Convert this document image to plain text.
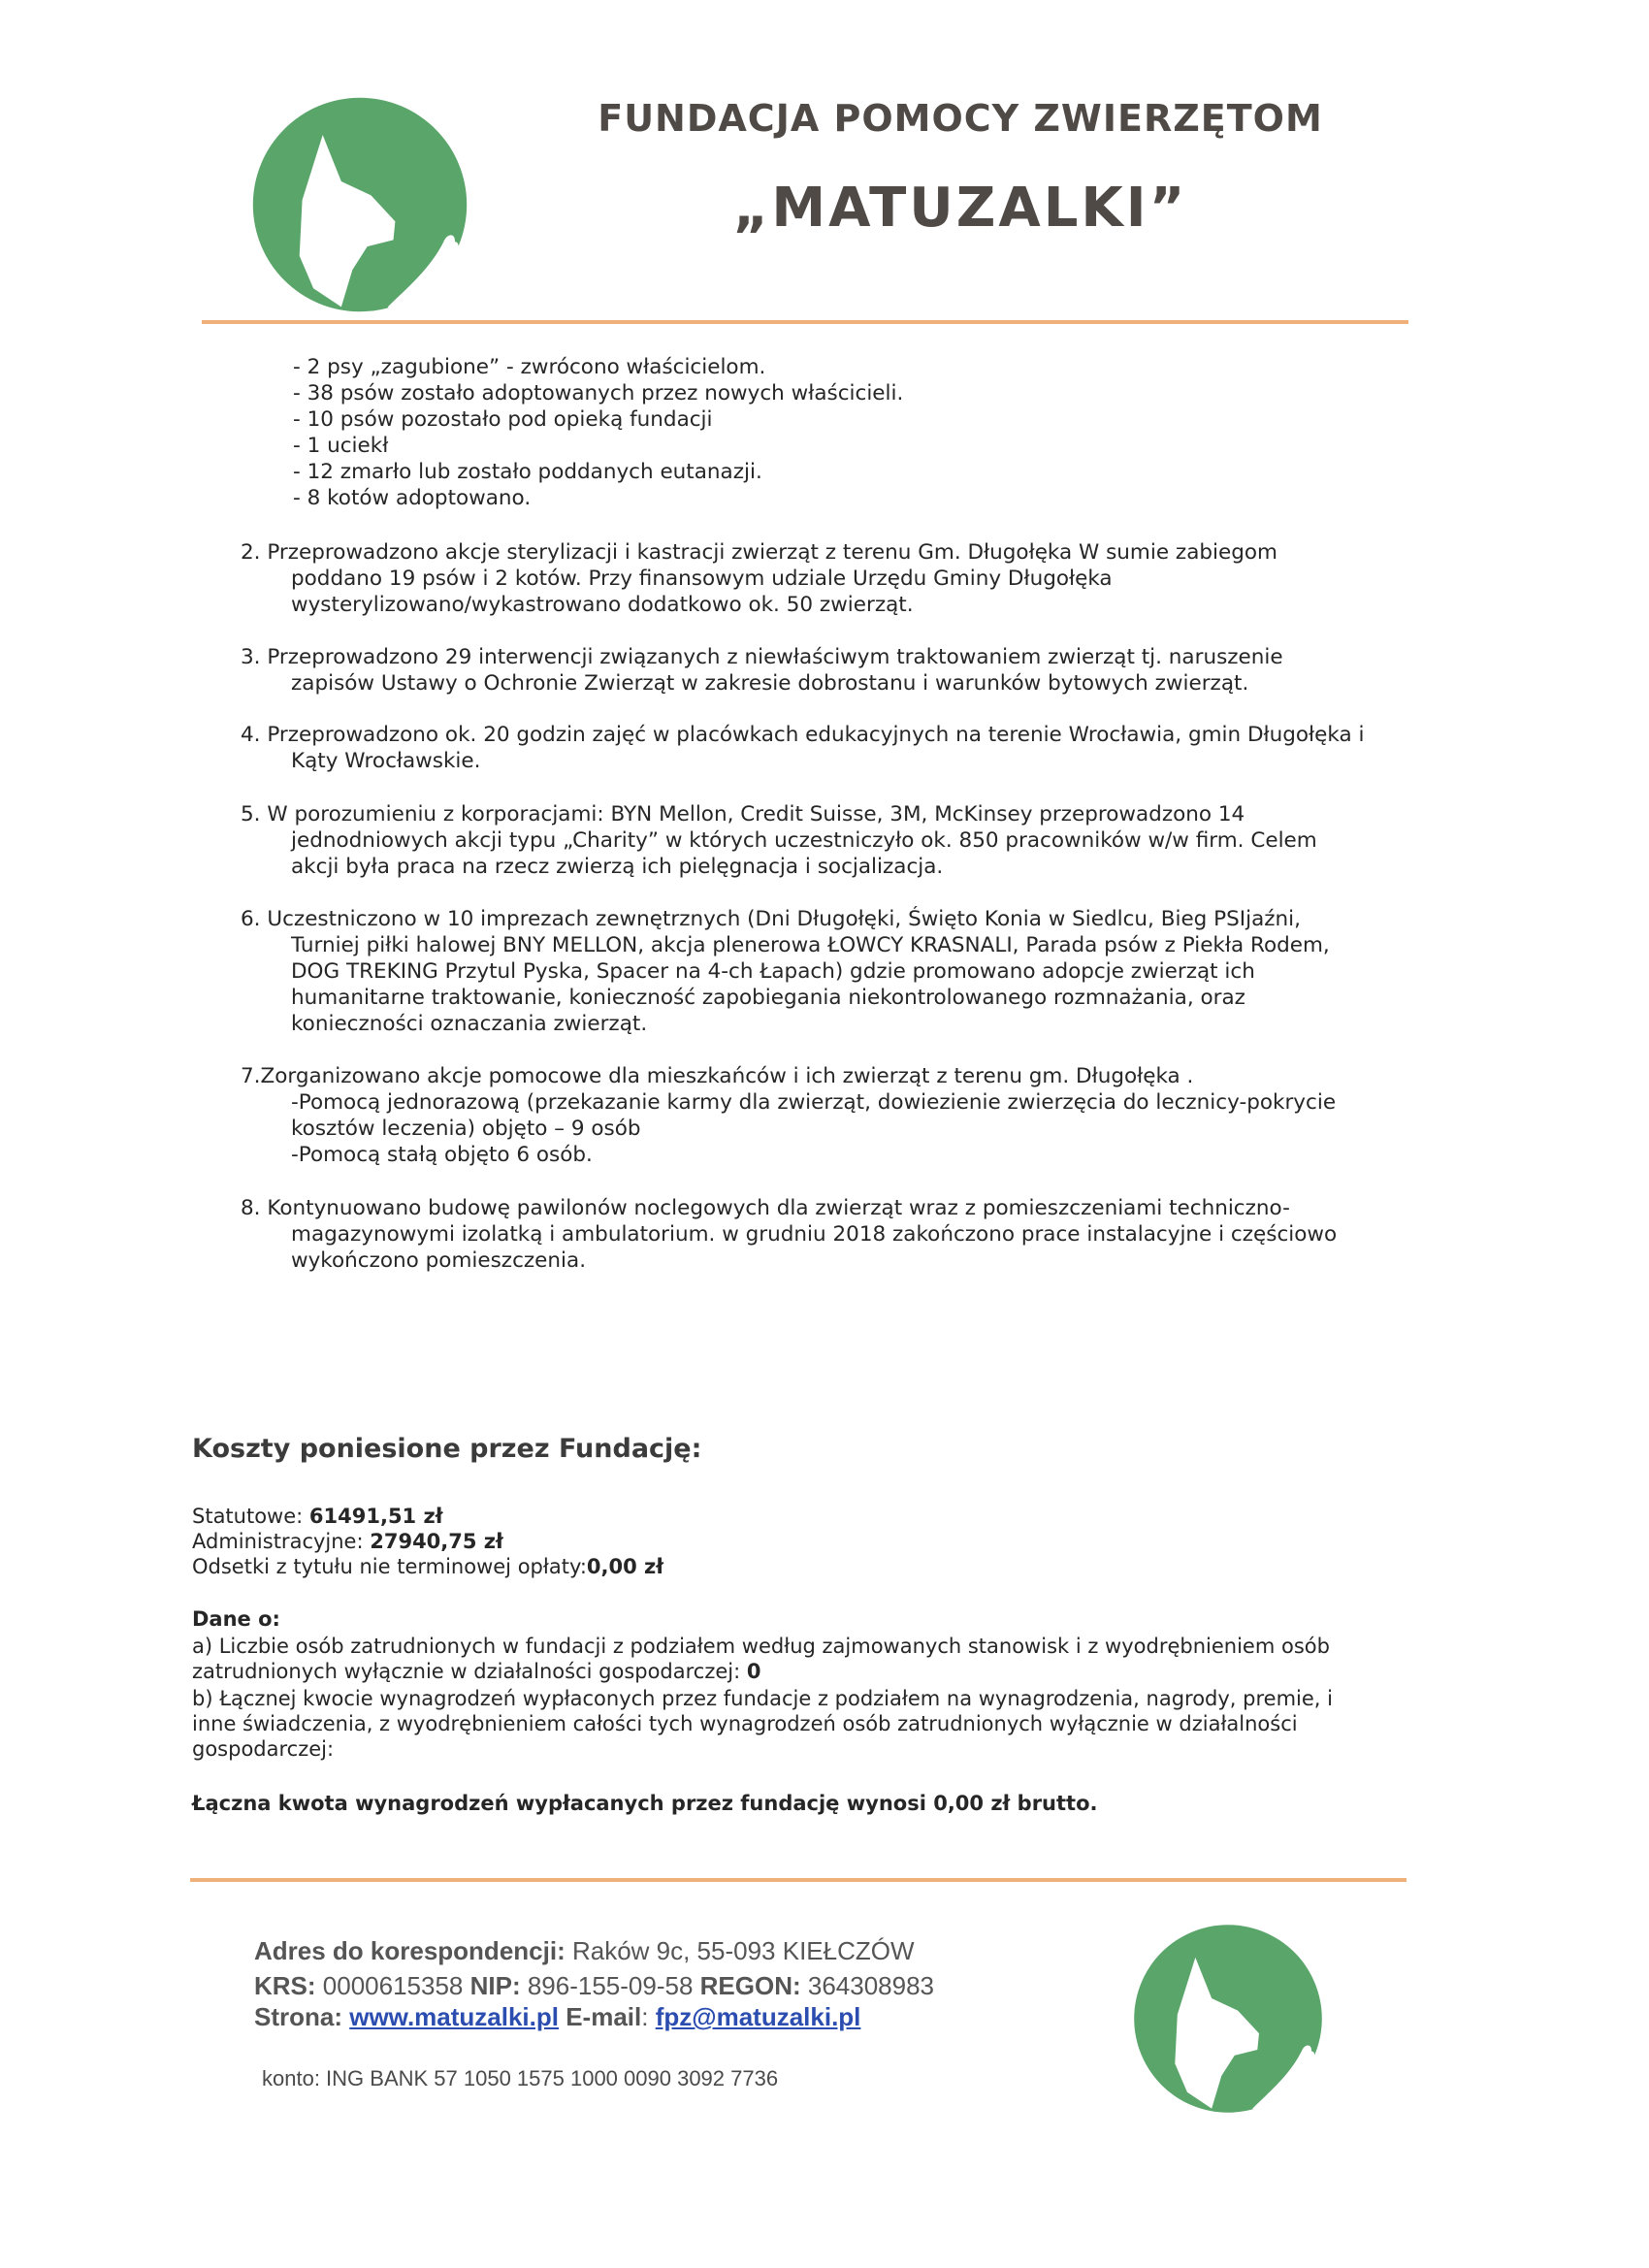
FUNDACJA POMOCY ZWIERZĘTOM
„MATUZALKI”
- 2 psy „zagubione” - zwrócono właścicielom.
- 38 psów zostało adoptowanych przez nowych właścicieli.
- 10 psów pozostało pod opieką fundacji
- 1 uciekł
- 12 zmarło lub zostało poddanych eutanazji.
- 8 kotów adoptowano.
2. Przeprowadzono akcje sterylizacji i kastracji zwierząt z terenu Gm. Długołęka W sumie zabiegom
poddano 19 psów i 2 kotów. Przy finansowym udziale Urzędu Gminy Długołęka
wysterylizowano/wykastrowano dodatkowo ok. 50 zwierząt.
3. Przeprowadzono 29 interwencji związanych z niewłaściwym traktowaniem zwierząt tj. naruszenie
zapisów Ustawy o Ochronie Zwierząt w zakresie dobrostanu i warunków bytowych zwierząt.
4. Przeprowadzono ok. 20 godzin zajęć w placówkach edukacyjnych na terenie Wrocławia, gmin Długołęka i
Kąty Wrocławskie.
5. W porozumieniu z korporacjami: BYN Mellon, Credit Suisse, 3M, McKinsey przeprowadzono 14
jednodniowych akcji typu „Charity” w których uczestniczyło ok. 850 pracowników w/w firm. Celem
akcji była praca na rzecz zwierzą ich pielęgnacja i socjalizacja.
6. Uczestniczono w 10 imprezach zewnętrznych (Dni Długołęki, Święto Konia w Siedlcu, Bieg PSIjaźni,
Turniej piłki halowej BNY MELLON, akcja plenerowa ŁOWCY KRASNALI, Parada psów z Piekła Rodem,
DOG TREKING Przytul Pyska, Spacer na 4-ch Łapach) gdzie promowano adopcje zwierząt ich
humanitarne traktowanie, konieczność zapobiegania niekontrolowanego rozmnażania, oraz
konieczności oznaczania zwierząt.
7.Zorganizowano akcje pomocowe dla mieszkańców i ich zwierząt z terenu gm. Długołęka .
-Pomocą jednorazową (przekazanie karmy dla zwierząt, dowiezienie zwierzęcia do lecznicy-pokrycie
kosztów leczenia) objęto – 9 osób
-Pomocą stałą objęto 6 osób.
8. Kontynuowano budowę pawilonów noclegowych dla zwierząt wraz z pomieszczeniami techniczno-
magazynowymi izolatką i ambulatorium. w grudniu 2018 zakończono prace instalacyjne i częściowo
wykończono pomieszczenia.
Koszty poniesione przez Fundację:
Statutowe: 61491,51 zł
Administracyjne: 27940,75 zł
Odsetki z tytułu nie terminowej opłaty:0,00 zł
Dane o:
a) Liczbie osób zatrudnionych w fundacji z podziałem według zajmowanych stanowisk i z wyodrębnieniem osób
zatrudnionych wyłącznie w działalności gospodarczej: 0
b) Łącznej kwocie wynagrodzeń wypłaconych przez fundacje z podziałem na wynagrodzenia, nagrody, premie, i
inne świadczenia, z wyodrębnieniem całości tych wynagrodzeń osób zatrudnionych wyłącznie w działalności
gospodarczej:
Łączna kwota wynagrodzeń wypłacanych przez fundację wynosi 0,00 zł brutto.
Adres do korespondencji: Raków 9c, 55-093 KIEŁCZÓW
KRS: 0000615358 NIP: 896-155-09-58 REGON: 364308983
Strona: www.matuzalki.pl E-mail: fpz@matuzalki.pl
konto: ING BANK 57 1050 1575 1000 0090 3092 7736
